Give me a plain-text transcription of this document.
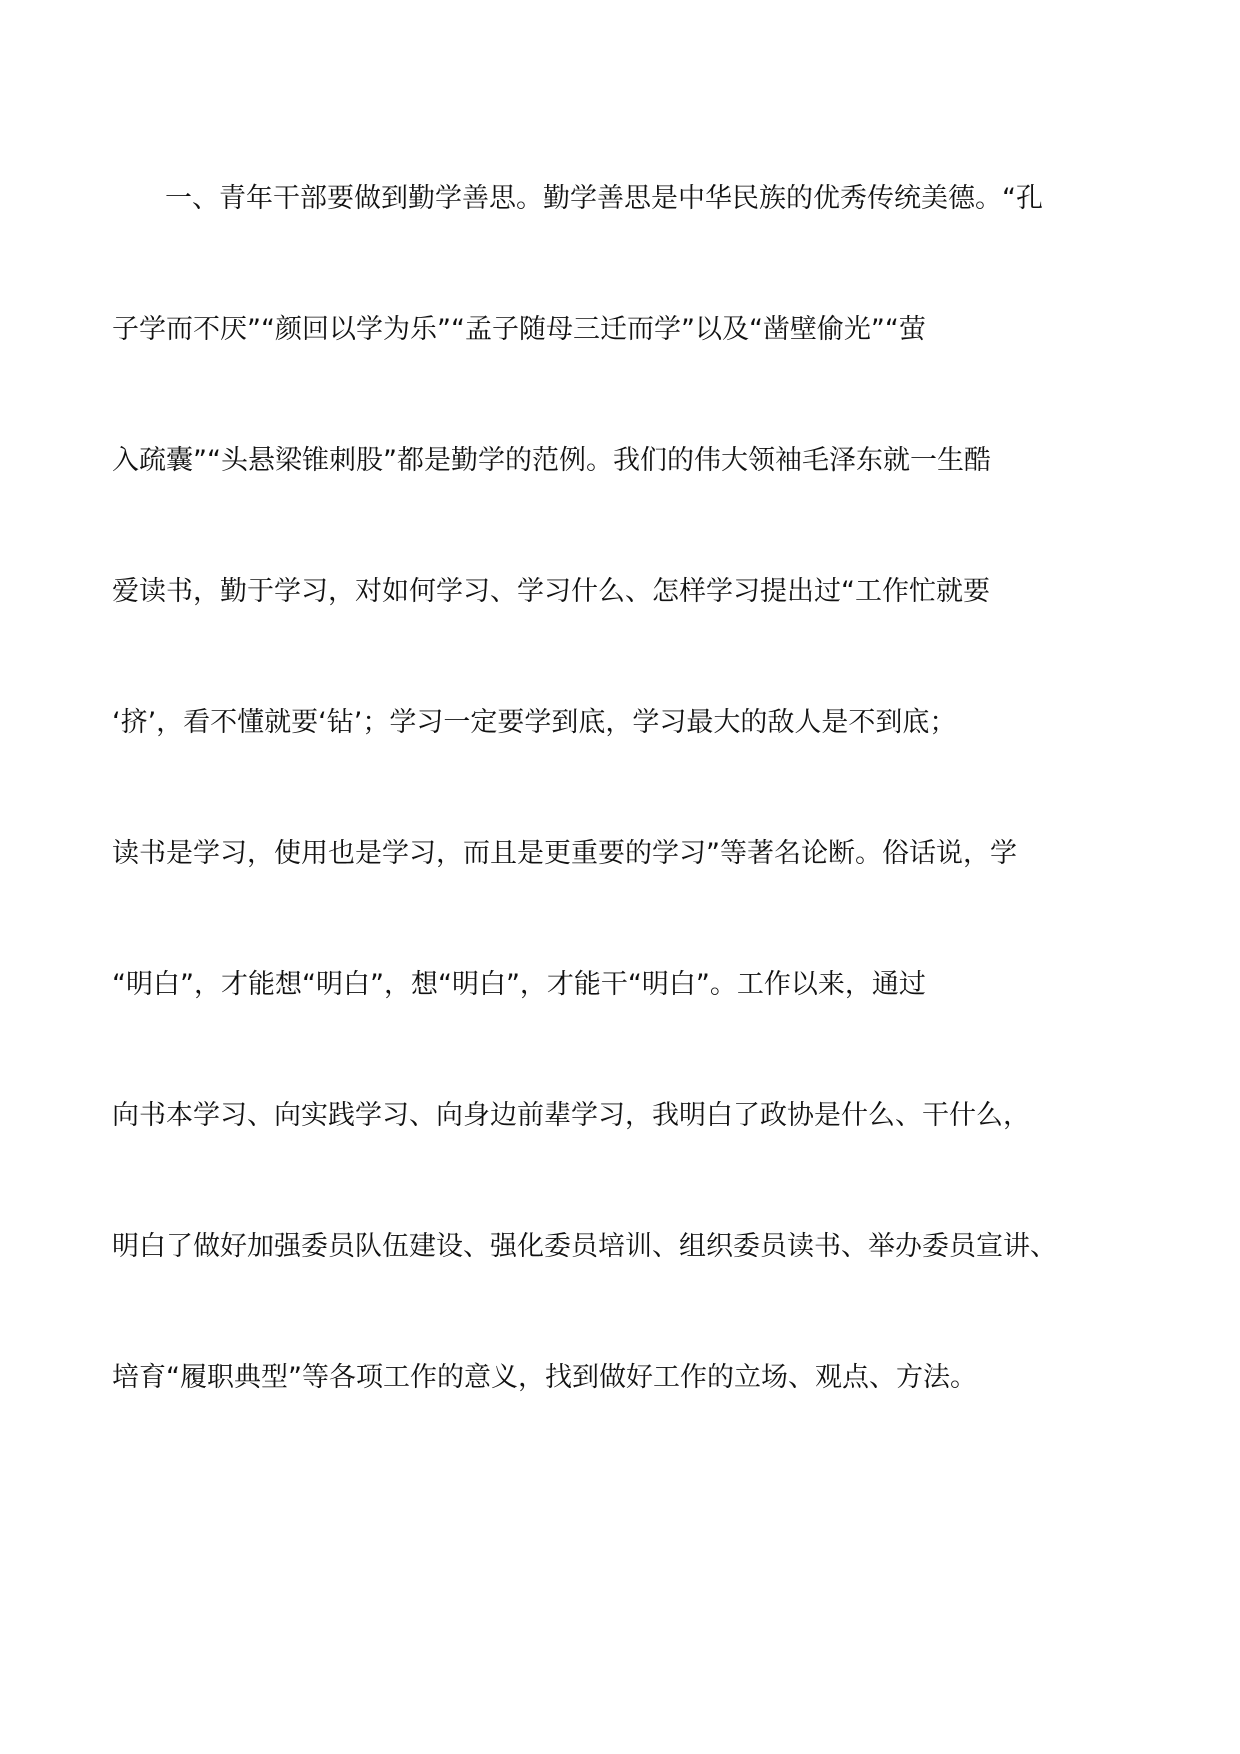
一、青年干部要做到勤学善思。勤学善思是中华民族的优秀传统美德。“孔
子学而不厌”“颜回以学为乐”“孟子随母三迁而学”以及“凿壁偷光”“萤
入疏囊”“头悬梁锥刺股”都是勤学的范例。我们的伟大领袖毛泽东就一生酷
爱读书，勤于学习，对如何学习、学习什么、怎样学习提出过“工作忙就要
‘挤’，看不懂就要‘钻’；学习一定要学到底，学习最大的敌人是不到底；
读书是学习，使用也是学习，而且是更重要的学习”等著名论断。俗话说，学
“明白”，才能想“明白”，想“明白”，才能干“明白”。工作以来，通过
向书本学习、向实践学习、向身边前辈学习，我明白了政协是什么、干什么，
明白了做好加强委员队伍建设、强化委员培训、组织委员读书、举办委员宣讲、
培育“履职典型”等各项工作的意义，找到做好工作的立场、观点、方法。
